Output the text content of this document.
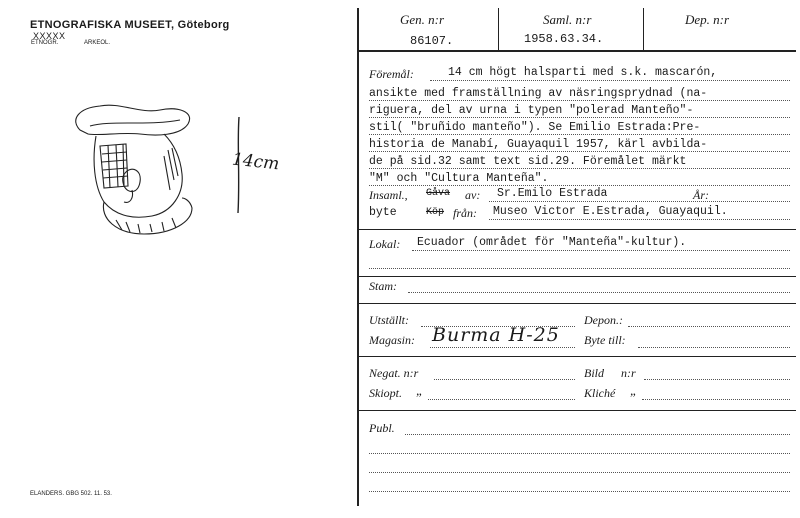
ETNOGRAFISKA MUSEET, Göteborg
XXXXX
ETNOGR.	ARKEOL.
14cm
ELANDERS. GBG 502. 11. 53.
Gen. n:r
86107.
Saml. n:r
1958.63.34.
Dep. n:r
Föremål:	14 cm högt halsparti med s.k. mascarón,
ansikte med framställning av näsringsprydnad (na-
riguera, del av urna i typen "polerad Manteño"-
stil( "bruñido manteño"). Se Emilio Estrada:Pre-
historia de Manabí, Guayaquil 1957, kärl avbilda-
de på sid.32 samt text sid.29. Föremålet märkt
"M" och "Cultura Manteña".
Insaml., Gåva av: Sr.Emilo Estrada	År:
byte	Köp från: Museo Victor E.Estrada, Guayaquil.
Lokal: Ecuador (området för "Manteña"-kultur).
Stam:
Utställt:	Depon.:
Magasin: Burma H-25 Byte till:
Negat. n:r	Bild n:r
Skiopt. „	Kliché „
Publ.
